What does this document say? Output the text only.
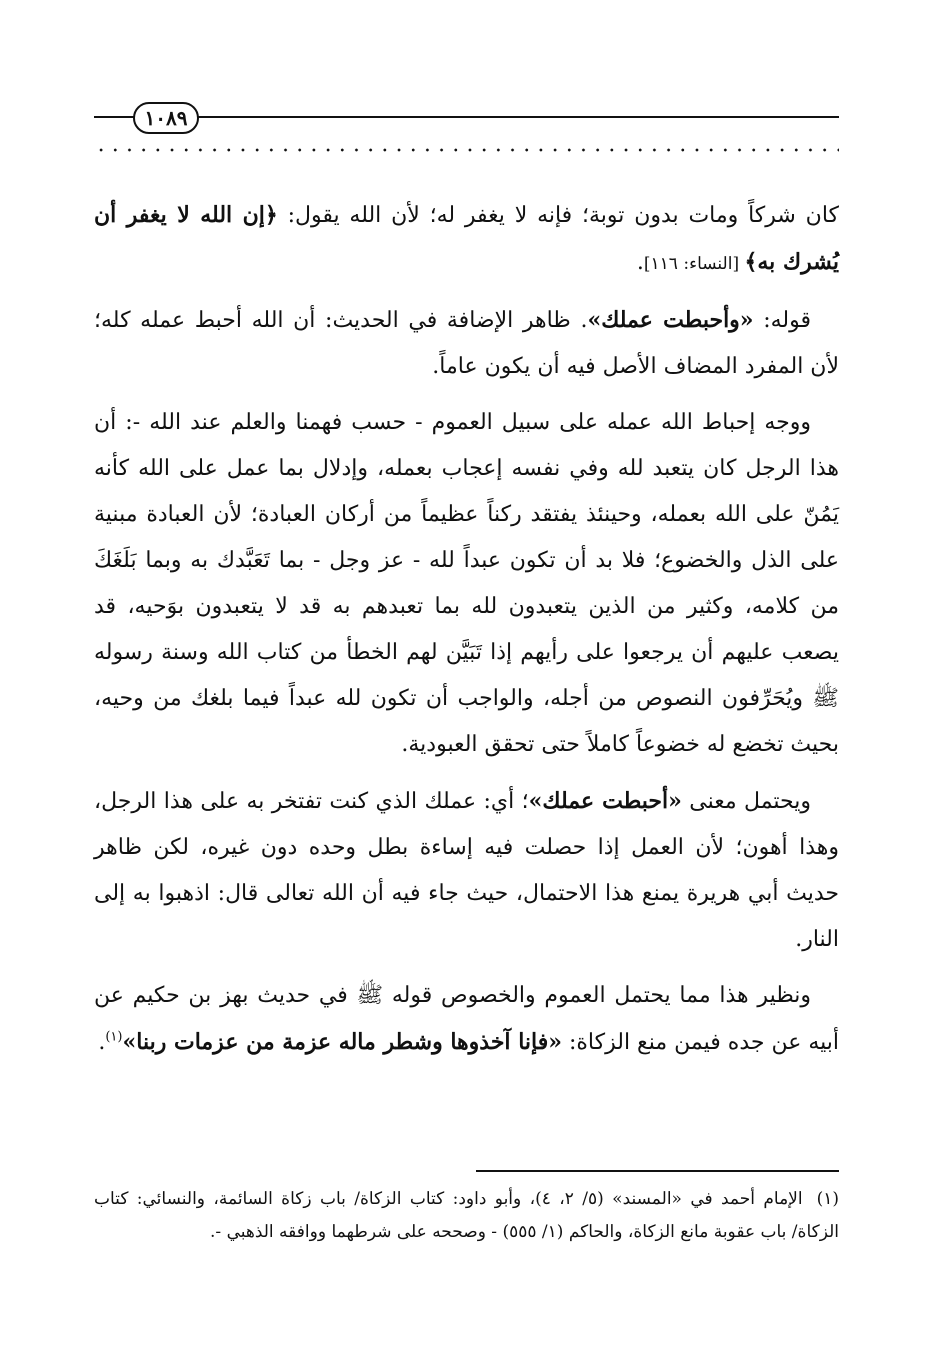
١٠٨٩

كان شركاً ومات بدون توبة؛ فإنه لا يغفر له؛ لأن الله يقول: ﴿إن الله لا يغفر أن يُشرك به﴾ [النساء: ١١٦].

قوله: «وأحبطت عملك». ظاهر الإضافة في الحديث: أن الله أحبط عمله كله؛ لأن المفرد المضاف الأصل فيه أن يكون عاماً.

ووجه إحباط الله عمله على سبيل العموم - حسب فهمنا والعلم عند الله -: أن هذا الرجل كان يتعبد لله وفي نفسه إعجاب بعمله، وإدلال بما عمل على الله كأنه يَمُنّ على الله بعمله، وحينئذ يفتقد ركناً عظيماً من أركان العبادة؛ لأن العبادة مبنية على الذل والخضوع؛ فلا بد أن تكون عبداً لله - عز وجل - بما تَعَبَّدك به وبما بَلَغَكَ من كلامه، وكثير من الذين يتعبدون لله بما تعبدهم به قد لا يتعبدون بوَحيه، قد يصعب عليهم أن يرجعوا على رأيهم إذا تَبَيَّن لهم الخطأ من كتاب الله وسنة رسوله ﷺ ويُحَرِّفون النصوص من أجله، والواجب أن تكون لله عبداً فيما بلغك من وحيه، بحيث تخضع له خضوعاً كاملاً حتى تحقق العبودية.

ويحتمل معنى «أحبطت عملك»؛ أي: عملك الذي كنت تفتخر به على هذا الرجل، وهذا أهون؛ لأن العمل إذا حصلت فيه إساءة بطل وحده دون غيره، لكن ظاهر حديث أبي هريرة يمنع هذا الاحتمال، حيث جاء فيه أن الله تعالى قال: اذهبوا به إلى النار.

ونظير هذا مما يحتمل العموم والخصوص قوله ﷺ في حديث بهز بن حكيم عن أبيه عن جده فيمن منع الزكاة: «فإنا آخذوها وشطر ماله عزمة من عزمات ربنا»$^{(١)}$.

(١)الإمام أحمد في «المسند» (٥/ ٢، ٤)، وأبو داود: كتاب الزكاة/ باب زكاة السائمة، والنسائي: كتاب الزكاة/ باب عقوبة مانع الزكاة، والحاكم (١/ ٥٥٥) - وصححه على شرطهما ووافقه الذهبي -.
